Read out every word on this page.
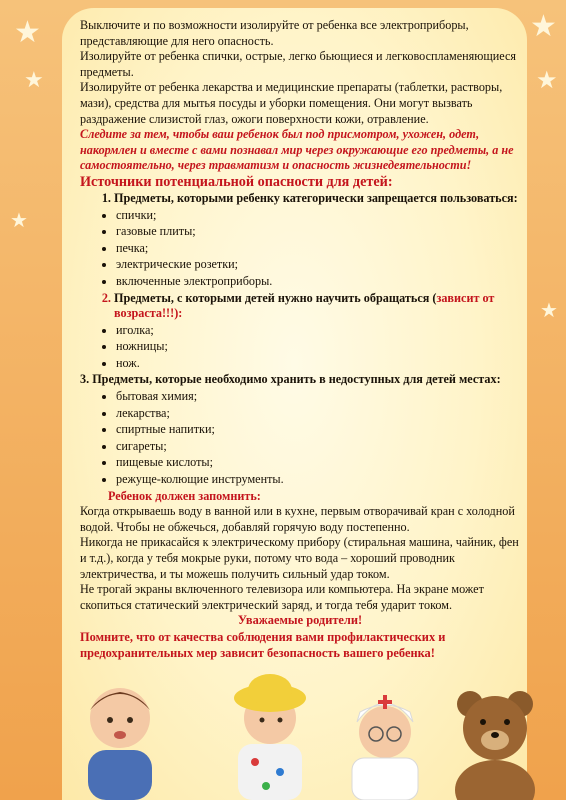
★
★
★
★
★
★

Выключите и по возможности изолируйте от ребенка все электроприборы, представляющие для него опасность.

Изолируйте от ребенка спички, острые, легко бьющиеся и легковоспламеняющиеся предметы.

Изолируйте от ребенка лекарства и медицинские препараты (таблетки, растворы, мази), средства для мытья посуды и уборки помещения. Они могут вызвать раздражение слизистой глаз, ожоги поверхности кожи, отравление.

Следите за тем, чтобы ваш ребенок был под присмотром, ухожен, одет, накормлен и вместе с вами познавал мир через окружающие его предметы, а не самостоятельно, через травматизм и опасность жизнедеятельности!

Источники потенциальной опасности для детей:

1. Предметы, которыми ребенку категорически запрещается пользоваться:
• спички;
• газовые плиты;
• печка;
• электрические розетки;
• включенные электроприборы.
2. Предметы, с которыми детей нужно научить обращаться (зависит от возраста!!!):
• иголка;
• ножницы;
• нож.

3. Предметы, которые необходимо хранить в недоступных для детей местах:

• бытовая химия;
• лекарства;
• спиртные напитки;
• сигареты;
• пищевые кислоты;
• режуще-колющие инструменты.

Ребенок должен запомнить:

Когда открываешь воду в ванной или в кухне, первым отворачивай кран с холодной водой. Чтобы не обжечься, добавляй горячую воду постепенно.

Никогда не прикасайся к электрическому прибору (стиральная машина, чайник, фен и т.д.), когда у тебя мокрые руки, потому что вода – хороший проводник электричества, и ты можешь получить сильный удар током.

Не трогай экраны включенного телевизора или компьютера. На экране может скопиться статический электрический заряд, и тогда тебя ударит током.

Уважаемые родители!

Помните, что от качества соблюдения вами профилактических и предохранительных мер зависит безопасность вашего ребенка!
